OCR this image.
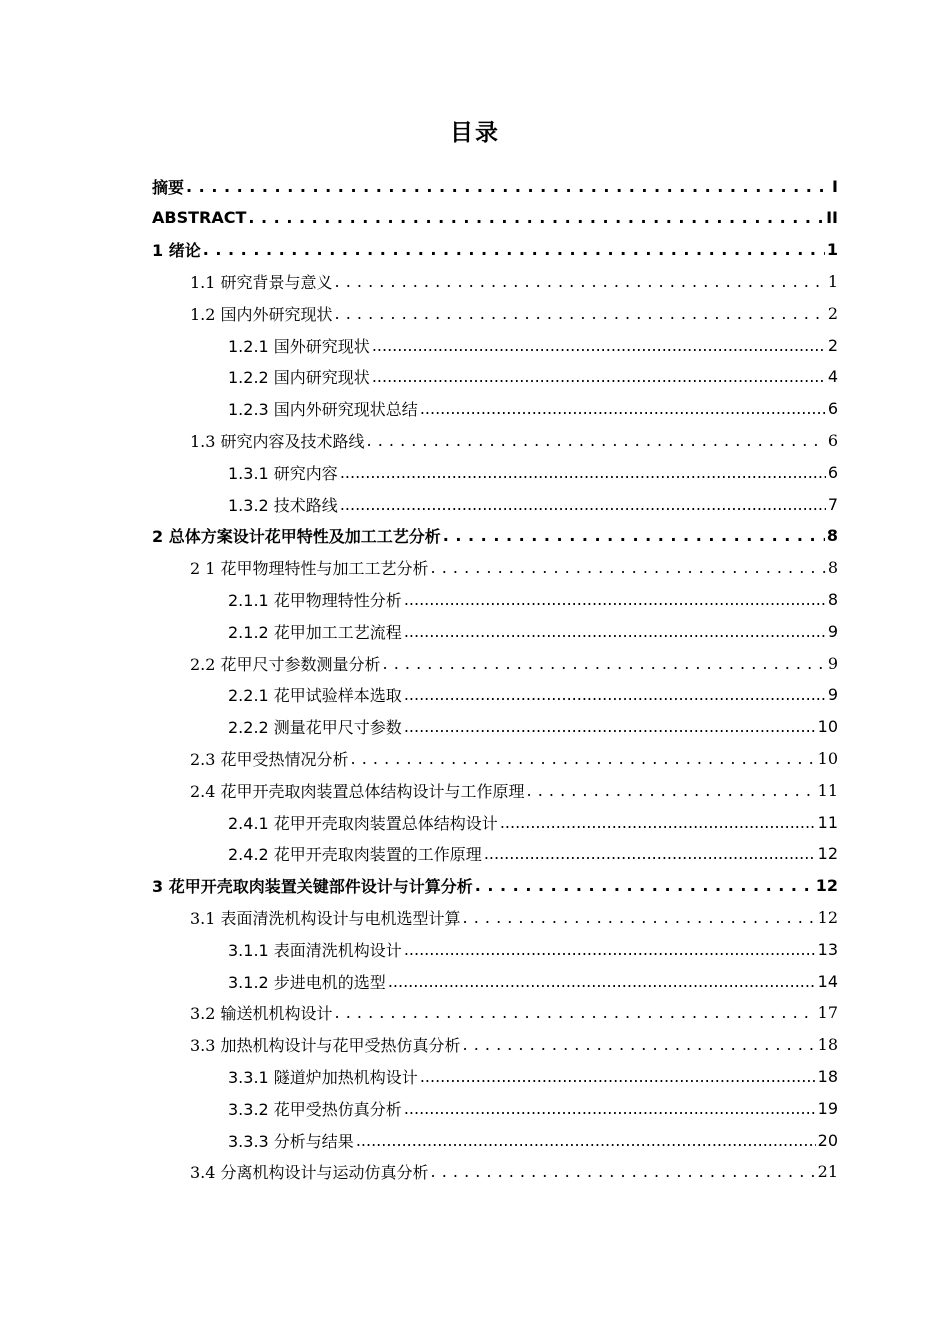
目录
摘要 . . .	I
ABSTRACT . . .	II
1 绪论 . . .	1
1.1 研究背景与意义 . . .	1
1.2 国内外研究现状 . . .	2
1.2.1 国外研究现状 .....	2
1.2.2 国内研究现状 .....	4
1.2.3 国内外研究现状总结 .....	6
1.3 研究内容及技术路线 . . .	6
1.3.1 研究内容 .....	6
1.3.2 技术路线 .....	7
2 总体方案设计花甲特性及加工工艺分析 . . .	8
2 1 花甲物理特性与加工工艺分析 . . .	8
2.1.1 花甲物理特性分析 .....	8
2.1.2 花甲加工工艺流程 .....	9
2.2 花甲尺寸参数测量分析 . . .	9
2.2.1 花甲试验样本选取 .....	9
2.2.2 测量花甲尺寸参数 .....	10
2.3 花甲受热情况分析 . . .	10
2.4 花甲开壳取肉装置总体结构设计与工作原理 . . .	11
2.4.1 花甲开壳取肉装置总体结构设计 .....	11
2.4.2 花甲开壳取肉装置的工作原理 .....	12
3 花甲开壳取肉装置关键部件设计与计算分析 . . .	12
3.1 表面清洗机构设计与电机选型计算 . . .	12
3.1.1 表面清洗机构设计 .....	13
3.1.2 步进电机的选型 .....	14
3.2 输送机机构设计 . . .	17
3.3 加热机构设计与花甲受热仿真分析 . . .	18
3.3.1 隧道炉加热机构设计 .....	18
3.3.2 花甲受热仿真分析 .....	19
3.3.3 分析与结果 .....	20
3.4 分离机构设计与运动仿真分析 . . .	21
